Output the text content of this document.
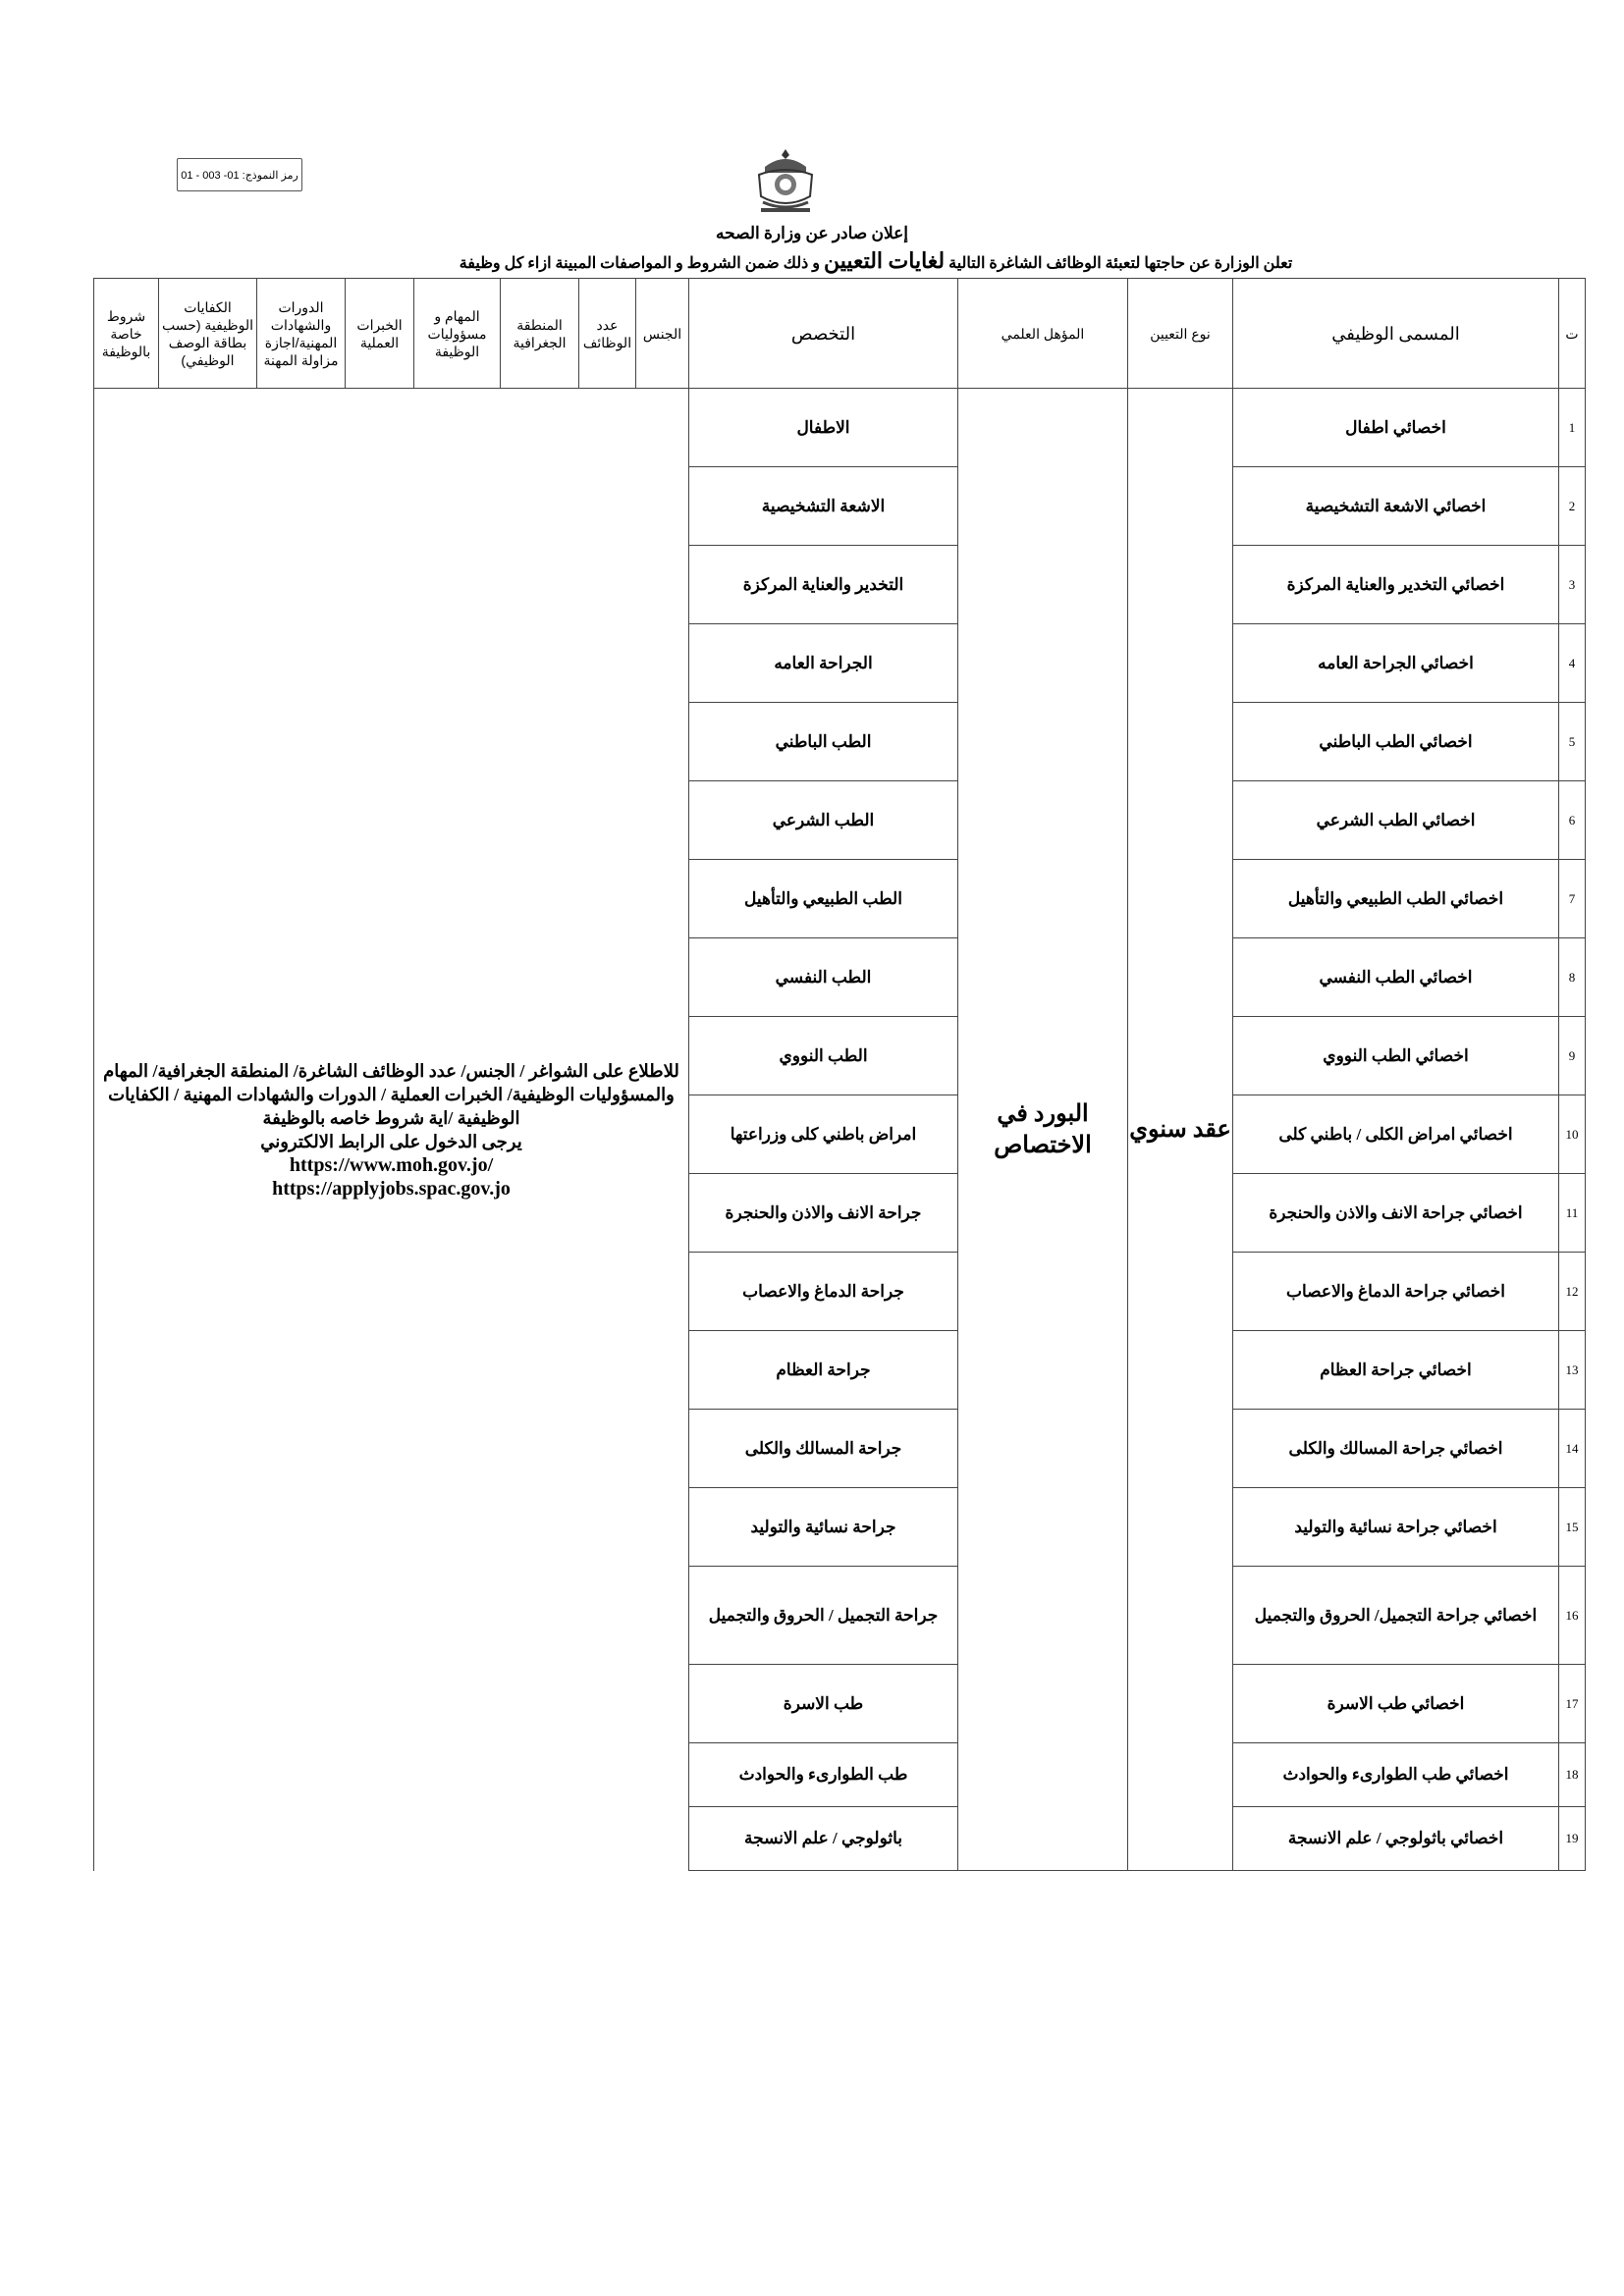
رمز النموذج: 01- 003 - 01
إعلان صادر عن وزارة الصحه
تعلن الوزارة عن حاجتها لتعبئة الوظائف الشاغرة التالية لغايات التعيين و ذلك ضمن الشروط و المواصفات المبينة ازاء كل وظيفة
ت	المسمى الوظيفي	نوع التعيين	المؤهل العلمي	التخصص	الجنس	عدد الوظائف	المنطقة الجغرافية	المهام و مسؤوليات الوظيفة	الخبرات العملية	الدورات والشهادات المهنية/اجازة مزاولة المهنة	الكفايات الوظيفية (حسب بطاقة الوصف الوظيفي)	شروط خاصة بالوظيفة
1	اخصائي اطفال	عقد سنوي	البورد في الاختصاص	الاطفال	للاطلاع على الشواغر / الجنس/ عدد الوظائف الشاغرة/ المنطقة الجغرافية/ المهام والمسؤوليات الوظيفية/ الخبرات العملية / الدورات والشهادات المهنية / الكفايات الوظيفية /اية شروط خاصه بالوظيفة
يرجى الدخول على الرابط الالكتروني
https://www.moh.gov.jo/
https://applyjobs.spac.gov.jo							

2	اخصائي الاشعة التشخيصية			الاشعة التشخيصية								
3	اخصائي التخدير والعناية المركزة			التخدير والعناية المركزة								
4	اخصائي الجراحة العامه			الجراحة العامه								
5	اخصائي الطب الباطني			الطب الباطني								
6	اخصائي الطب الشرعي			الطب الشرعي								
7	اخصائي الطب الطبيعي والتأهيل			الطب الطبيعي والتأهيل								
8	اخصائي الطب النفسي			الطب النفسي								
9	اخصائي الطب النووي			الطب النووي								
10	اخصائي امراض الكلى / باطني كلى			امراض باطني كلى وزراعتها								
11	اخصائي جراحة الانف والاذن والحنجرة			جراحة الانف والاذن والحنجرة								
12	اخصائي جراحة الدماغ والاعصاب			جراحة الدماغ والاعصاب								
13	اخصائي جراحة العظام			جراحة العظام								
14	اخصائي جراحة المسالك والكلى			جراحة المسالك والكلى								
15	اخصائي جراحة نسائية والتوليد			جراحة نسائية والتوليد								
16	اخصائي جراحة التجميل/ الحروق والتجميل			جراحة التجميل / الحروق والتجميل								
17	اخصائي طب الاسرة			طب الاسرة								
18	اخصائي طب الطوارىء والحوادث			طب الطوارىء والحوادث								
19	اخصائي باثولوجي / علم الانسجة			باثولوجي / علم الانسجة								
